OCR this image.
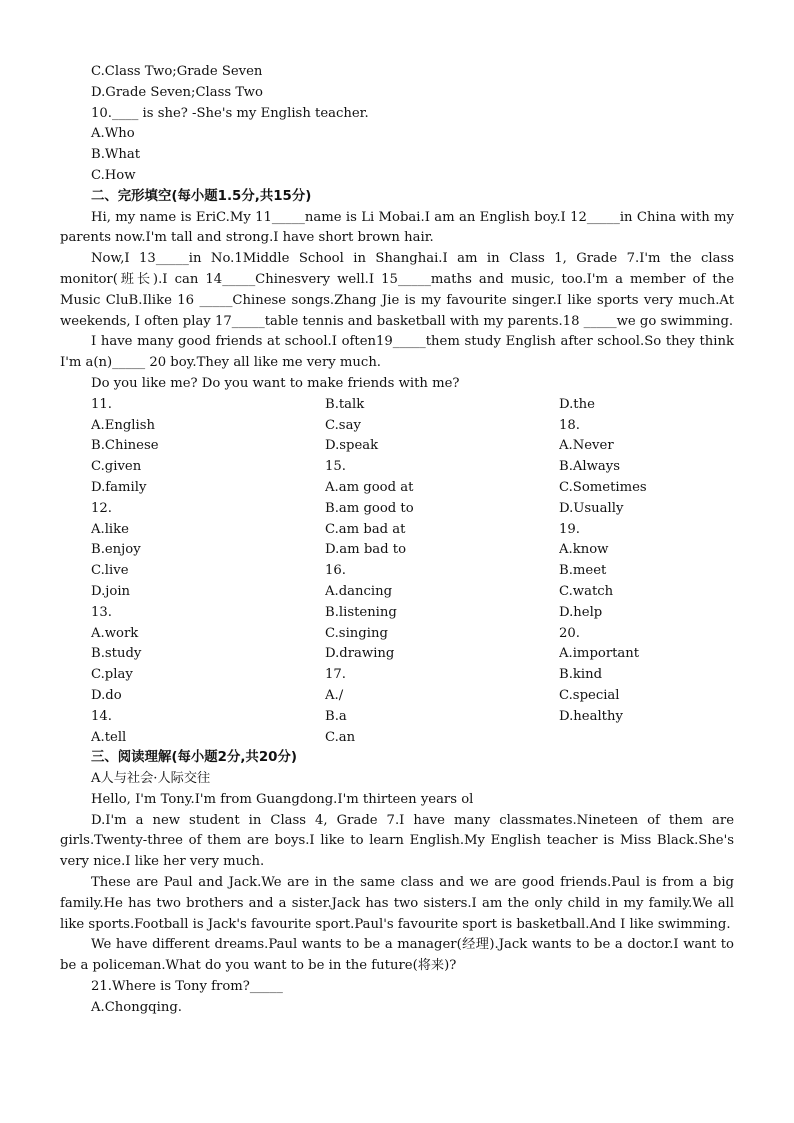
C.Class Two;Grade Seven
D.Grade Seven;Class Two
10.____ is she? -She's my English teacher.
A.Who
B.What
C.How
二、完形填空(每小题1.5分,共15分)
Hi, my name is EriC.My 11_____name is Li Mobai.I am an English boy.I 12_____in China with my parents now.I'm tall and strong.I have short brown hair.
Now,I 13_____in No.1Middle School in Shanghai.I am in Class 1, Grade 7.I'm the class monitor(班长).I can 14_____Chinesvery well.I 15_____maths and music, too.I'm a member of the Music CluB.Ilike 16 _____Chinese songs.Zhang Jie is my favourite singer.I like sports very much.At weekends, I often play 17_____table tennis and basketball with my parents.18 _____we go swimming.
I have many good friends at school.I often19_____them study English after school.So they think I'm a(n)_____ 20 boy.They all like me very much.
Do you like me? Do you want to make friends with me?
11.	B.talk	D.the
A.English	C.say	18.
B.Chinese	D.speak	A.Never
C.given	15.	B.Always
D.family	A.am good at	C.Sometimes
12.	B.am good to	D.Usually
A.like	C.am bad at	19.
B.enjoy	D.am bad to	A.know
C.live	16.	B.meet
D.join	A.dancing	C.watch
13.	B.listening	D.help
A.work	C.singing	20.
B.study	D.drawing	A.important
C.play	17.	B.kind
D.do	A./	C.special
14.	B.a	D.healthy
A.tell	C.an
三、阅读理解(每小题2分,共20分)
A人与社会·人际交往
Hello, I'm Tony.I'm from Guangdong.I'm thirteen years ol
D.I'm a new student in Class 4, Grade 7.I have many classmates.Nineteen of them are girls.Twenty-three of them are boys.I like to learn English.My English teacher is Miss Black.She's very nice.I like her very much.
These are Paul and Jack.We are in the same class and we are good friends.Paul is from a big family.He has two brothers and a sister.Jack has two sisters.I am the only child in my family.We all like sports.Football is Jack's favourite sport.Paul's favourite sport is basketball.And I like swimming.
We have different dreams.Paul wants to be a manager(经理).Jack wants to be a doctor.I want to be a policeman.What do you want to be in the future(将来)?
21.Where is Tony from?_____
A.Chongqing.
